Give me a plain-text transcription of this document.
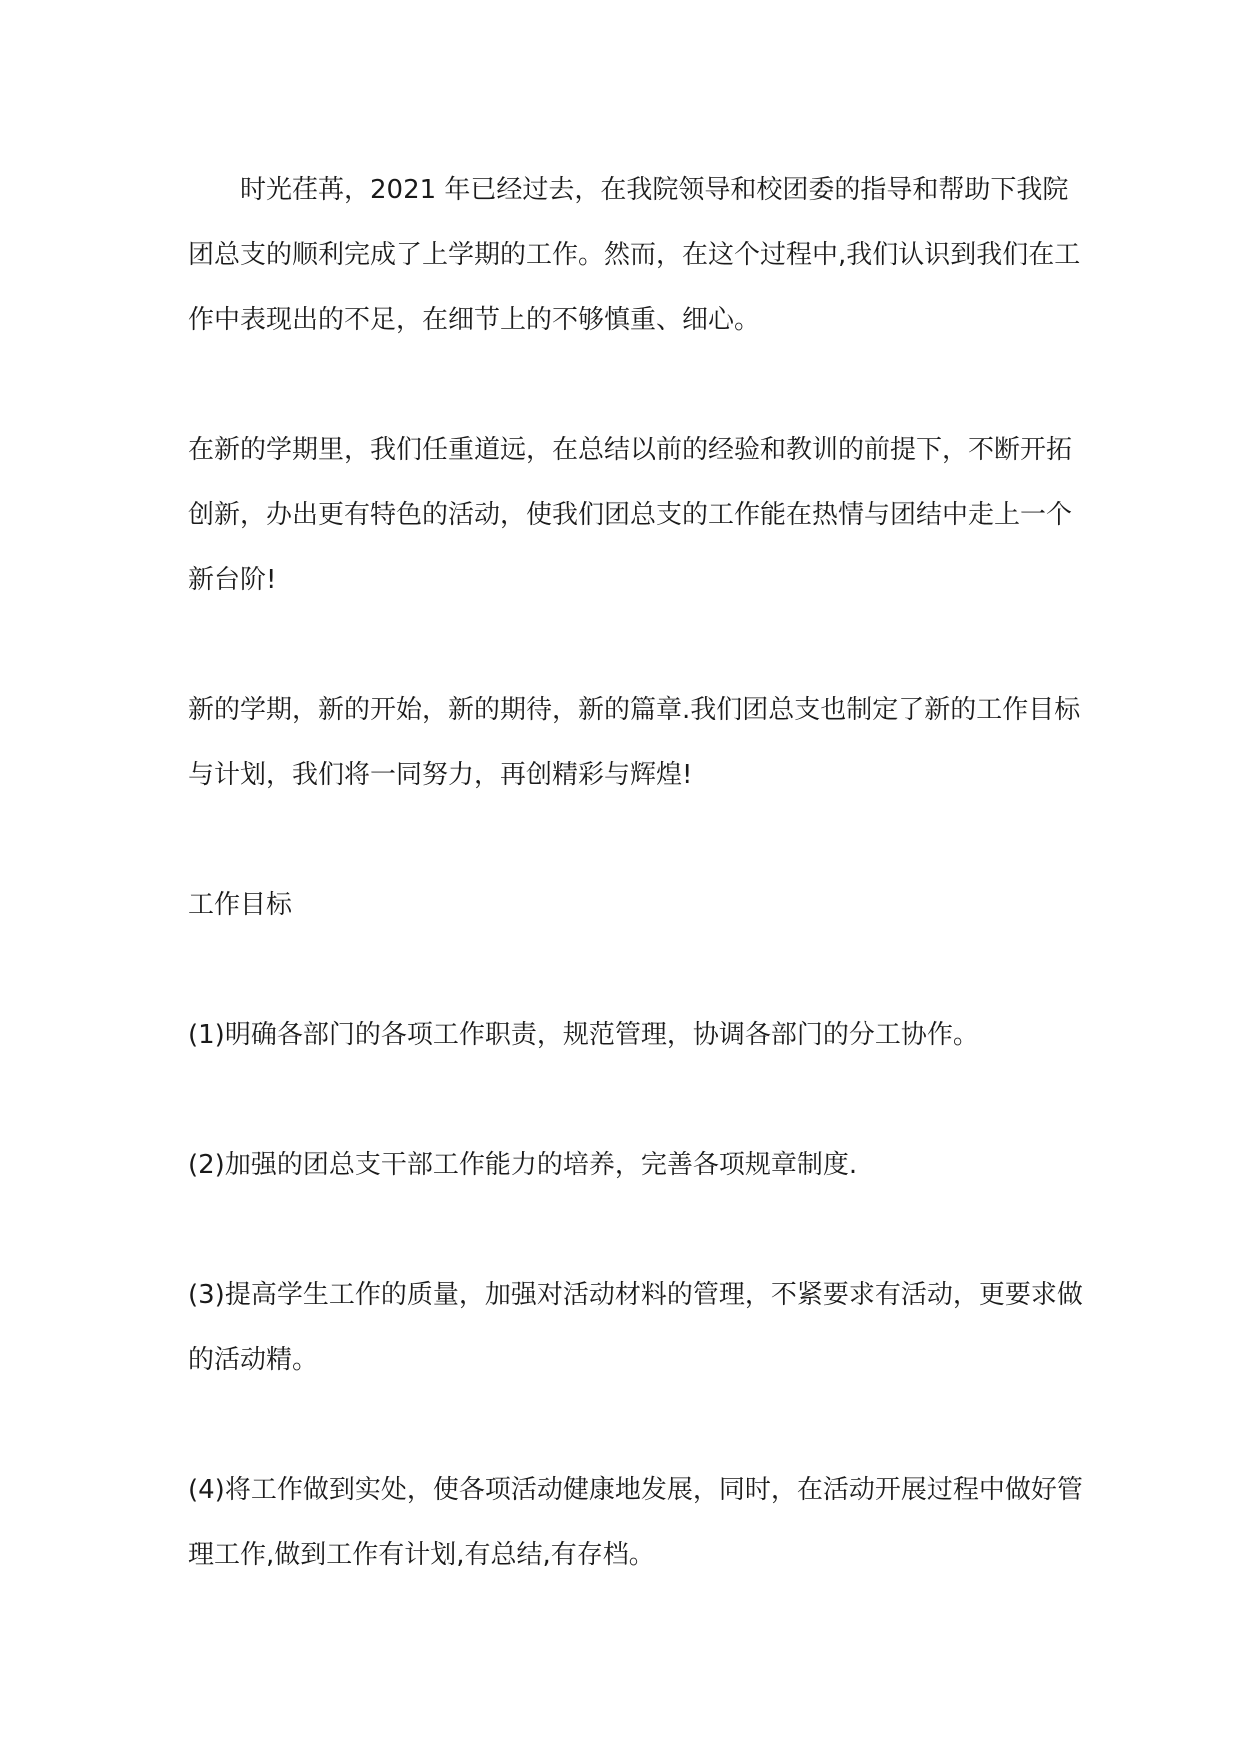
时光荏苒，2021 年已经过去，在我院领导和校团委的指导和帮助下我院团总支的顺利完成了上学期的工作。然而，在这个过程中,我们认识到我们在工作中表现出的不足，在细节上的不够慎重、细心。

在新的学期里，我们任重道远，在总结以前的经验和教训的前提下，不断开拓创新，办出更有特色的活动，使我们团总支的工作能在热情与团结中走上一个新台阶!

新的学期，新的开始，新的期待，新的篇章.我们团总支也制定了新的工作目标与计划，我们将一同努力，再创精彩与辉煌!

工作目标

(1)明确各部门的各项工作职责，规范管理，协调各部门的分工协作。

(2)加强的团总支干部工作能力的培养，完善各项规章制度.

(3)提高学生工作的质量，加强对活动材料的管理，不紧要求有活动，更要求做的活动精。

(4)将工作做到实处，使各项活动健康地发展，同时，在活动开展过程中做好管理工作,做到工作有计划,有总结,有存档。
